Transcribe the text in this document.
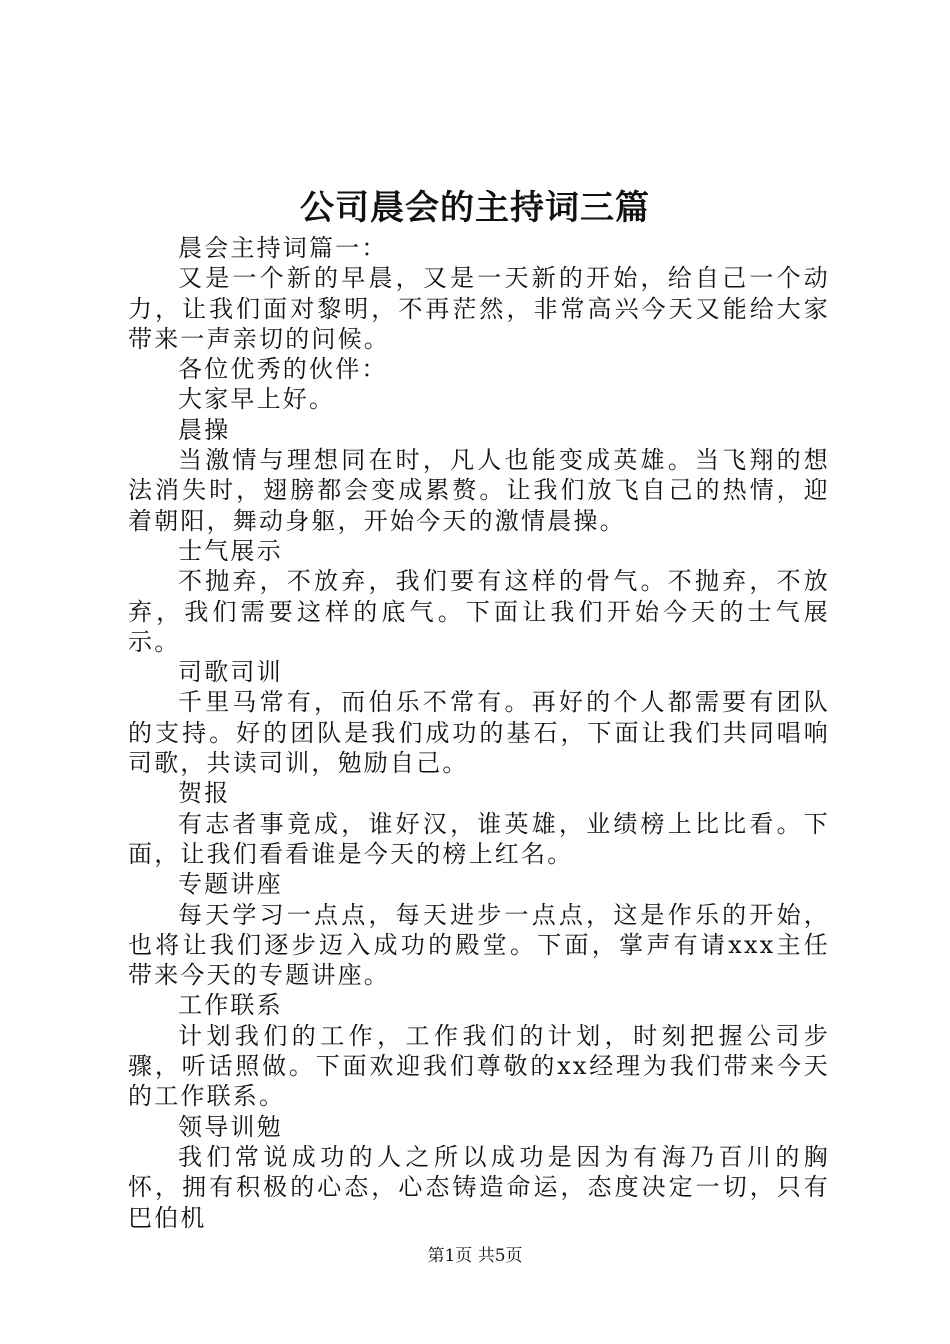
公司晨会的主持词三篇

晨会主持词篇一：

又是一个新的早晨，又是一天新的开始，给自己一个动力，让我们面对黎明，不再茫然，非常高兴今天又能给大家带来一声亲切的问候。

各位优秀的伙伴：

大家早上好。

晨操

当激情与理想同在时，凡人也能变成英雄。当飞翔的想法消失时，翅膀都会变成累赘。让我们放飞自己的热情，迎着朝阳，舞动身躯，开始今天的激情晨操。

士气展示

不抛弃，不放弃，我们要有这样的骨气。不抛弃，不放弃，我们需要这样的底气。下面让我们开始今天的士气展示。

司歌司训

千里马常有，而伯乐不常有。再好的个人都需要有团队的支持。好的团队是我们成功的基石，下面让我们共同唱响司歌，共读司训，勉励自己。

贺报

有志者事竟成，谁好汉，谁英雄，业绩榜上比比看。下面，让我们看看谁是今天的榜上红名。

专题讲座

每天学习一点点，每天进步一点点，这是作乐的开始，也将让我们逐步迈入成功的殿堂。下面，掌声有请xxx主任带来今天的专题讲座。

工作联系

计划我们的工作，工作我们的计划，时刻把握公司步骤，听话照做。下面欢迎我们尊敬的xx经理为我们带来今天的工作联系。

领导训勉

我们常说成功的人之所以成功是因为有海乃百川的胸怀，拥有积极的心态，心态铸造命运，态度决定一切，只有巴伯机

第1页 共5页
